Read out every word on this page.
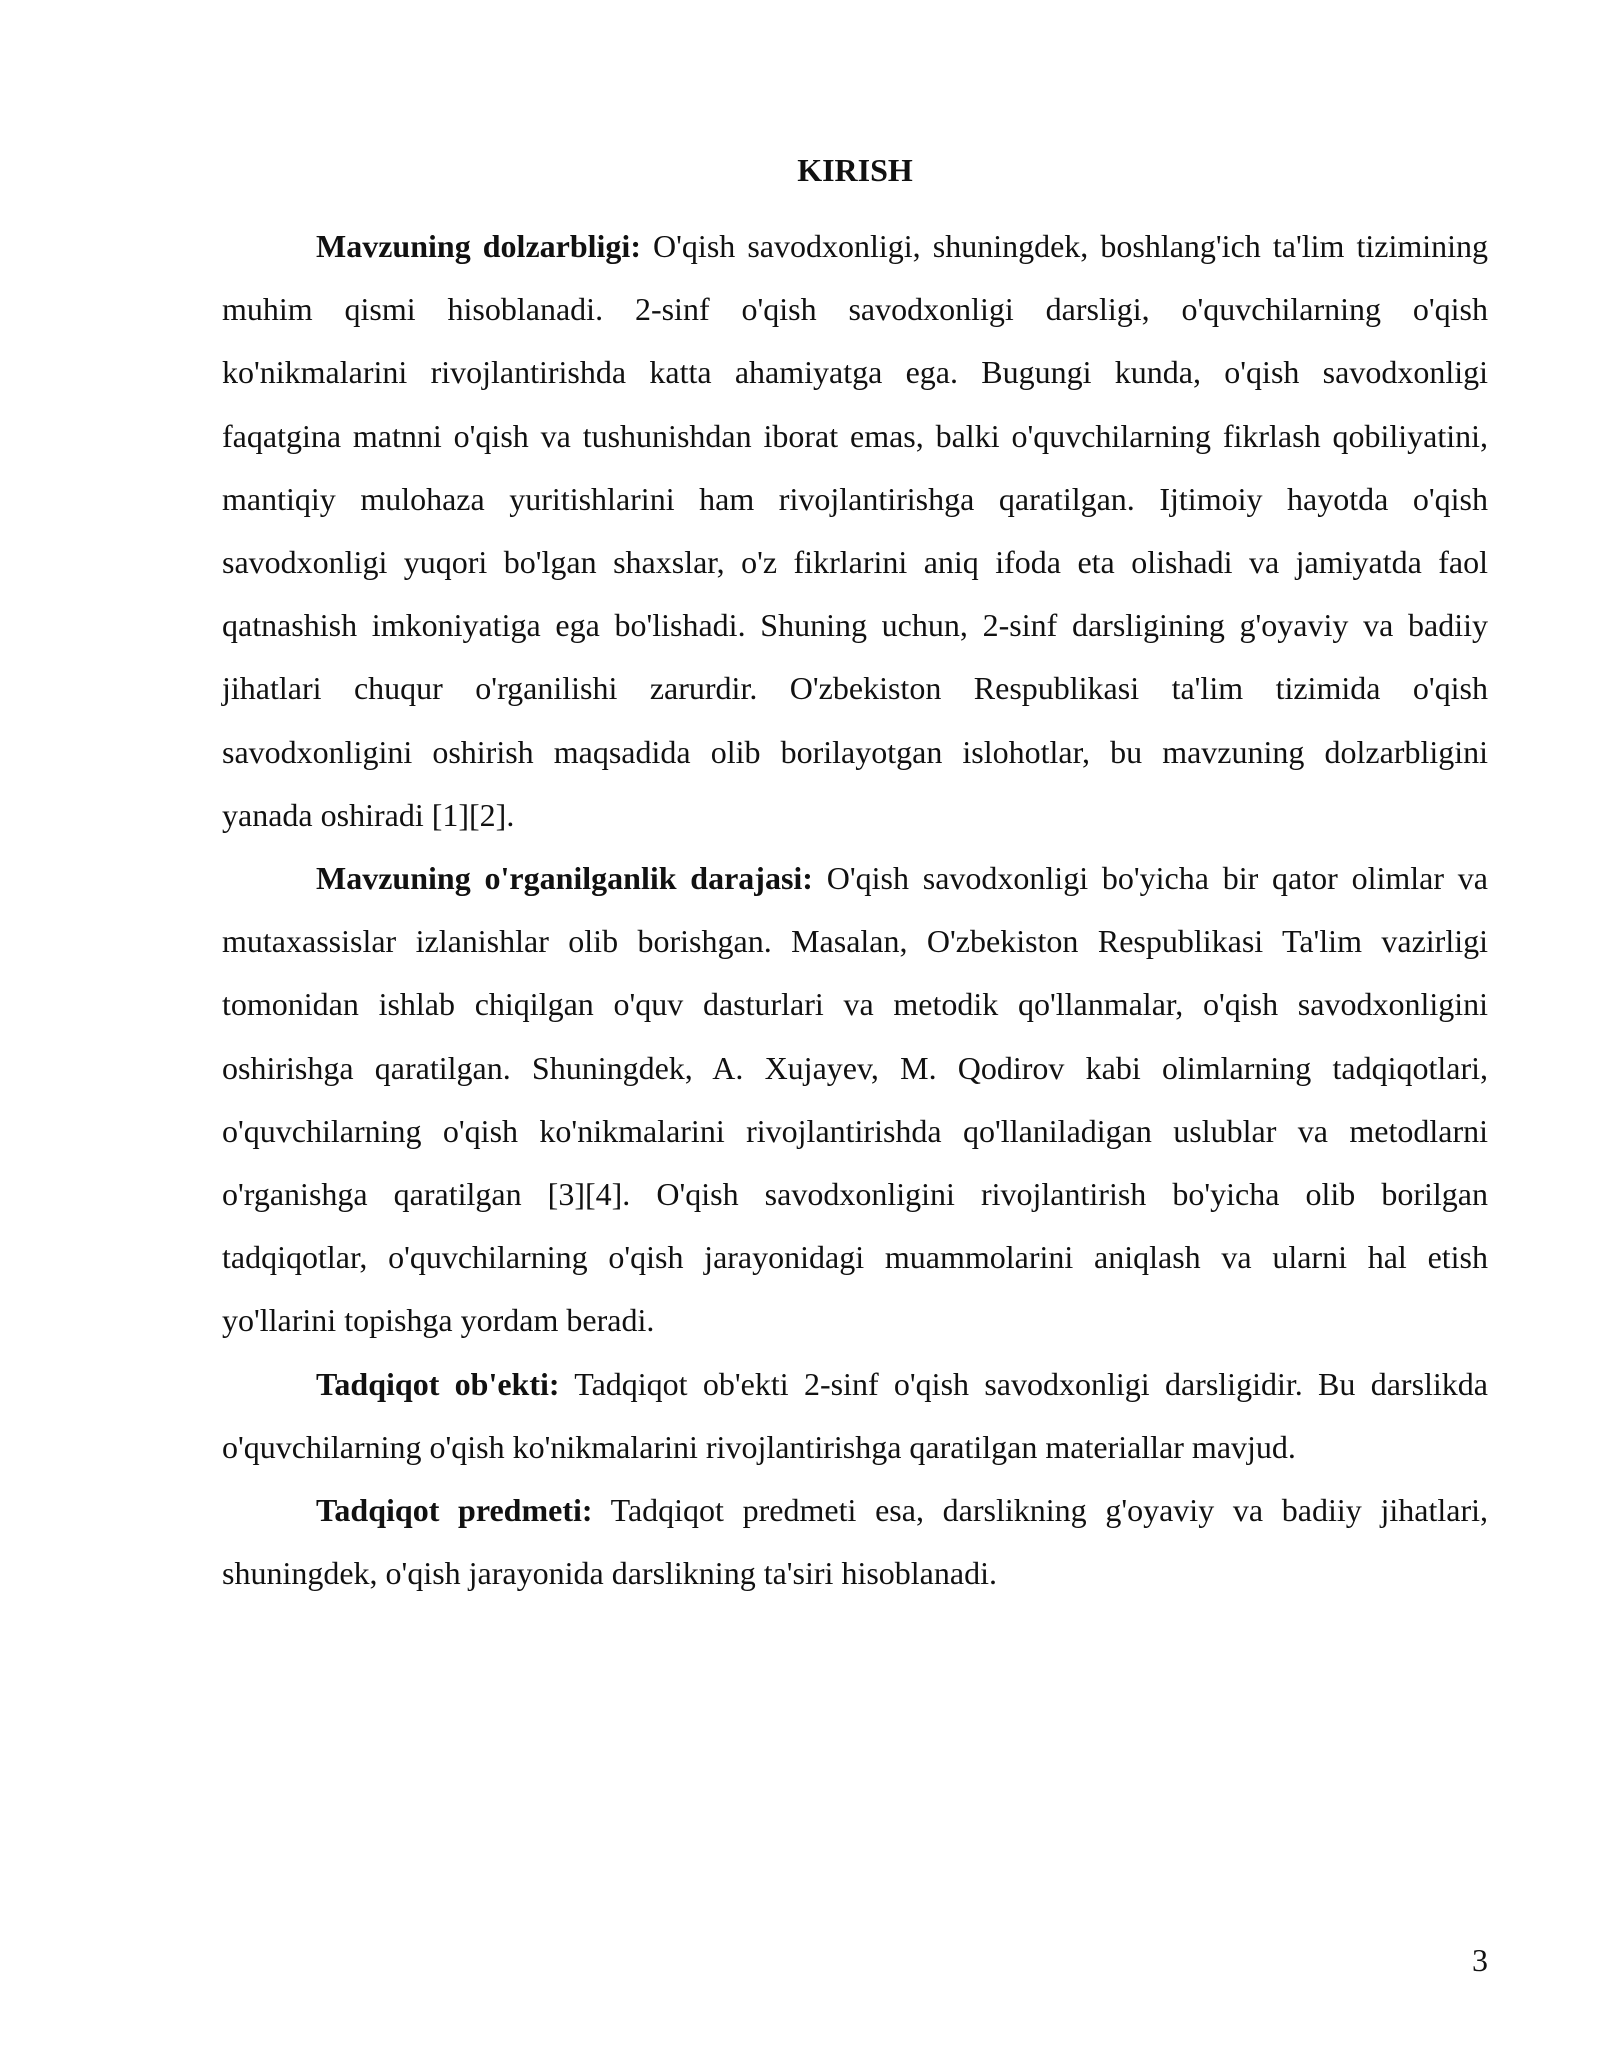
KIRISH

Mavzuning dolzarbligi: O'qish savodxonligi, shuningdek, boshlang'ich ta'lim tizimining muhim qismi hisoblanadi. 2-sinf o'qish savodxonligi darsligi, o'quvchilarning o'qish ko'nikmalarini rivojlantirishda katta ahamiyatga ega. Bugungi kunda, o'qish savodxonligi faqatgina matnni o'qish va tushunishdan iborat emas, balki o'quvchilarning fikrlash qobiliyatini, mantiqiy mulohaza yuritishlarini ham rivojlantirishga qaratilgan. Ijtimoiy hayotda o'qish savodxonligi yuqori bo'lgan shaxslar, o'z fikrlarini aniq ifoda eta olishadi va jamiyatda faol qatnashish imkoniyatiga ega bo'lishadi. Shuning uchun, 2-sinf darsligining g'oyaviy va badiiy jihatlari chuqur o'rganilishi zarurdir. O'zbekiston Respublikasi ta'lim tizimida o'qish savodxonligini oshirish maqsadida olib borilayotgan islohotlar, bu mavzuning dolzarbligini yanada oshiradi [1][2].

Mavzuning o'rganilganlik darajasi: O'qish savodxonligi bo'yicha bir qator olimlar va mutaxassislar izlanishlar olib borishgan. Masalan, O'zbekiston Respublikasi Ta'lim vazirligi tomonidan ishlab chiqilgan o'quv dasturlari va metodik qo'llanmalar, o'qish savodxonligini oshirishga qaratilgan. Shuningdek, A. Xujayev, M. Qodirov kabi olimlarning tadqiqotlari, o'quvchilarning o'qish ko'nikmalarini rivojlantirishda qo'llaniladigan uslublar va metodlarni o'rganishga qaratilgan [3][4]. O'qish savodxonligini rivojlantirish bo'yicha olib borilgan tadqiqotlar, o'quvchilarning o'qish jarayonidagi muammolarini aniqlash va ularni hal etish yo'llarini topishga yordam beradi.

Tadqiqot ob'ekti: Tadqiqot ob'ekti 2-sinf o'qish savodxonligi darsligidir. Bu darslikda o'quvchilarning o'qish ko'nikmalarini rivojlantirishga qaratilgan materiallar mavjud.

Tadqiqot predmeti: Tadqiqot predmeti esa, darslikning g'oyaviy va badiiy jihatlari, shuningdek, o'qish jarayonida darslikning ta'siri hisoblanadi.

3
